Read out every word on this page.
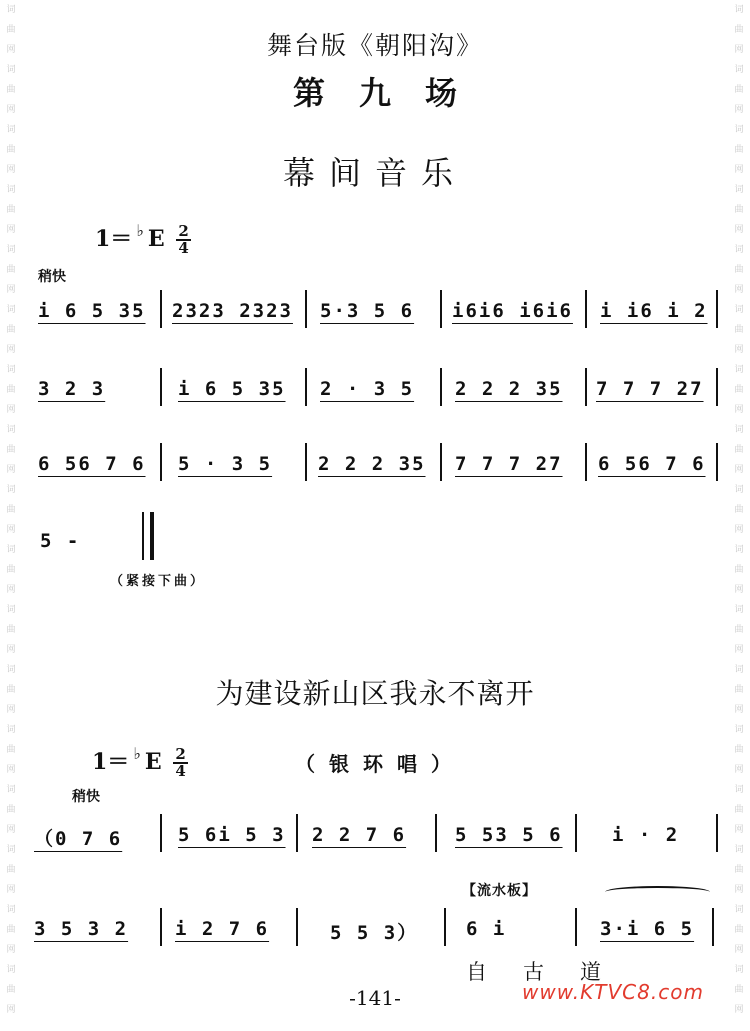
词
曲
网
词
曲
网
词
曲
网
词
曲
网
词
曲
网
词
曲
网
词
曲
网
词
曲
网
词
曲
网
词
曲
网
词
曲
网
词
曲
网
词
曲
网
词
曲
网
词
曲
网
词
曲
网
词
曲
网
词
曲
网
词
曲
网
词
曲
网
词
曲
网
词
曲
网
词
曲
网
词
曲
网
词
曲
网
词
曲
网
词
曲
网
词
曲
网
词
曲
网
词
曲
网
词
曲
网
词
曲
网
词
曲
网
词
曲
网
舞台版《朝阳沟》
第九场
幕间音乐
1＝ ♭ E $\frac{2}{4}$
稍快
i 6 5 35 2323 2323 5·3 5 6 i6i6 i6i6 i i6 i 2
3 2 3	i 6 5 35 2 · 3 5 2 2 2 35 7 7 7 27
6 56 7 6 5 · 3 5 2 2 2 35 7 7 7 27 6 56 7 6
5 -
（紧接下曲）
为建设新山区我永不离开
1＝ ♭ E $\frac{2}{4}$	（银环唱）
稍快
（0 7 6	5 6i 5 3 2 2 7 6	5 53 5 6	i · 2
【流水板】
3 5 3 2 i 2 7 6	5 5 3）	6 i	3·i 6 5
自古道
-141-	www.KTVC8.com
